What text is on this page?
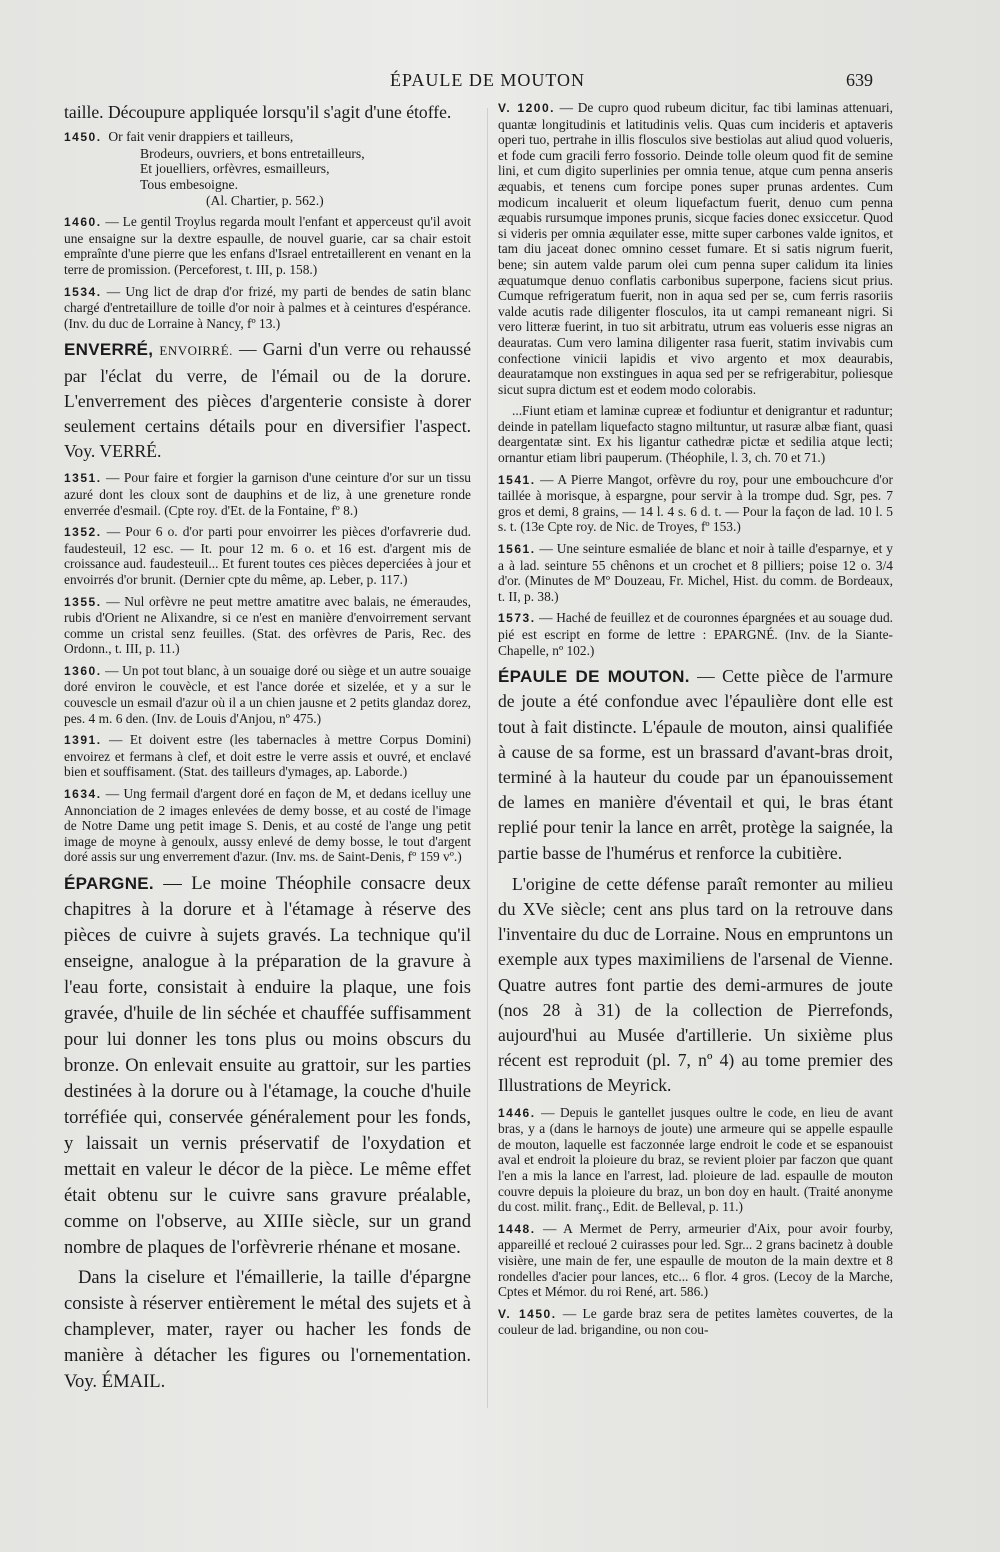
ÉPAULE DE MOUTON	639

taille. Découpure appliquée lorsqu'il s'agit d'une étoffe.

1450. Or fait venir drappiers et tailleurs,
Brodeurs, ouvriers, et bons entretailleurs,
Et jouelliers, orfèvres, esmailleurs,
Tous embesoigne.
(Al. Chartier, p. 562.)

1460. — Le gentil Troylus regarda moult l'enfant et apperceust qu'il avoit une ensaigne sur la dextre espaulle, de nouvel guarie, car sa chair estoit empraînte d'une pierre que les enfans d'Israel entretaillerent en venant en la terre de promission. (Perceforest, t. III, p. 158.)

1534. — Ung lict de drap d'or frizé, my parti de bendes de satin blanc chargé d'entretaillure de toille d'or noir à palmes et à ceintures d'espérance. (Inv. du duc de Lorraine à Nancy, fº 13.)

ENVERRÉ, ENVOIRRÉ. — Garni d'un verre ou rehaussé par l'éclat du verre, de l'émail ou de la dorure. L'enverrement des pièces d'argenterie consiste à dorer seulement certains détails pour en diversifier l'aspect. Voy. VERRÉ.

1351. — Pour faire et forgier la garnison d'une ceinture d'or sur un tissu azuré dont les cloux sont de dauphins et de liz, à une greneture ronde enverrée d'esmail. (Cpte roy. d'Et. de la Fontaine, fº 8.)

1352. — Pour 6 o. d'or parti pour envoirrer les pièces d'orfavrerie dud. faudesteuil, 12 esc. — It. pour 12 m. 6 o. et 16 est. d'argent mis de croissance aud. faudesteuil... Et furent toutes ces pièces deperciées à jour et envoirrés d'or brunit. (Dernier cpte du même, ap. Leber, p. 117.)

1355. — Nul orfèvre ne peut mettre amatitre avec balais, ne émeraudes, rubis d'Orient ne Alixandre, si ce n'est en manière d'envoirrement servant comme un cristal senz feuilles. (Stat. des orfèvres de Paris, Rec. des Ordonn., t. III, p. 11.)

1360. — Un pot tout blanc, à un souaige doré ou siège et un autre souaige doré environ le couvècle, et est l'ance dorée et sizelée, et y a sur le couvescle un esmail d'azur où il a un chien jausne et 2 petits glandaz dorez, pes. 4 m. 6 den. (Inv. de Louis d'Anjou, nº 475.)

1391. — Et doivent estre (les tabernacles à mettre Corpus Domini) envoirez et fermans à clef, et doit estre le verre assis et ouvré, et enclavé bien et souffisament. (Stat. des tailleurs d'ymages, ap. Laborde.)

1634. — Ung fermail d'argent doré en façon de M, et dedans icelluy une Annonciation de 2 images enlevées de demy bosse, et au costé de l'image de Notre Dame ung petit image S. Denis, et au costé de l'ange ung petit image de moyne à genoulx, aussy enlevé de demy bosse, le tout d'argent doré assis sur ung enverrement d'azur. (Inv. ms. de Saint-Denis, fº 159 vº.)

ÉPARGNE. — Le moine Théophile consacre deux chapitres à la dorure et à l'étamage à réserve des pièces de cuivre à sujets gravés. La technique qu'il enseigne, analogue à la préparation de la gravure à l'eau forte, consistait à enduire la plaque, une fois gravée, d'huile de lin séchée et chauffée suffisamment pour lui donner les tons plus ou moins obscurs du bronze. On enlevait ensuite au grattoir, sur les parties destinées à la dorure ou à l'étamage, la couche d'huile torréfiée qui, conservée généralement pour les fonds, y laissait un vernis préservatif de l'oxydation et mettait en valeur le décor de la pièce. Le même effet était obtenu sur le cuivre sans gravure préalable, comme on l'observe, au XIIIe siècle, sur un grand nombre de plaques de l'orfèvrerie rhénane et mosane.

Dans la ciselure et l'émaillerie, la taille d'épargne consiste à réserver entièrement le métal des sujets et à champlever, mater, rayer ou hacher les fonds de manière à détacher les figures ou l'ornementation. Voy. ÉMAIL.

V. 1200. — De cupro quod rubeum dicitur, fac tibi laminas attenuari, quantæ longitudinis et latitudinis velis. Quas cum incideris et aptaveris operi tuo, pertrahe in illis flosculos sive bestiolas aut aliud quod volueris, et fode cum gracili ferro fossorio. Deinde tolle oleum quod fit de semine lini, et cum digito superlinies per omnia tenue, atque cum penna anseris æquabis, et tenens cum forcipe pones super prunas ardentes. Cum modicum incaluerit et oleum liquefactum fuerit, denuo cum penna æquabis rursumque impones prunis, sicque facies donec exsiccetur. Quod si videris per omnia æquilater esse, mitte super carbones valde ignitos, et tam diu jaceat donec omnino cesset fumare. Et si satis nigrum fuerit, bene; sin autem valde parum olei cum penna super calidum ita linies æquatumque denuo conflatis carbonibus superpone, faciens sicut prius. Cumque refrigeratum fuerit, non in aqua sed per se, cum ferris rasoriis valde acutis rade diligenter flosculos, ita ut campi remaneant nigri. Si vero litteræ fuerint, in tuo sit arbitratu, utrum eas volueris esse nigras an deauratas. Cum vero lamina diligenter rasa fuerit, statim invivabis cum confectione vinicii lapidis et vivo argento et mox deaurabis, deauratamque non exstingues in aqua sed per se refrigerabitur, poliesque sicut supra dictum est et eodem modo colorabis.

...Fiunt etiam et laminæ cupreæ et fodiuntur et denigrantur et raduntur; deinde in patellam liquefacto stagno miltuntur, ut rasuræ albæ fiant, quasi deargentatæ sint. Ex his ligantur cathedræ pictæ et sedilia atque lecti; ornantur etiam libri pauperum. (Théophile, l. 3, ch. 70 et 71.)

1541. — A Pierre Mangot, orfèvre du roy, pour une embouchcure d'or taillée à morisque, à espargne, pour servir à la trompe dud. Sgr, pes. 7 gros et demi, 8 grains, — 14 l. 4 s. 6 d. t. — Pour la façon de lad. 10 l. 5 s. t. (13e Cpte roy. de Nic. de Troyes, fº 153.)

1561. — Une seinture esmaliée de blanc et noir à taille d'esparnye, et y a à lad. seinture 55 chênons et un crochet et 8 pilliers; poise 12 o. 3/4 d'or. (Minutes de Mº Douzeau, Fr. Michel, Hist. du comm. de Bordeaux, t. II, p. 38.)

1573. — Haché de feuillez et de couronnes épargnées et au souage dud. pié est escript en forme de lettre : EPARGNÉ. (Inv. de la Siante-Chapelle, nº 102.)

ÉPAULE DE MOUTON. — Cette pièce de l'armure de joute a été confondue avec l'épaulière dont elle est tout à fait distincte. L'épaule de mouton, ainsi qualifiée à cause de sa forme, est un brassard d'avant-bras droit, terminé à la hauteur du coude par un épanouissement de lames en manière d'éventail et qui, le bras étant replié pour tenir la lance en arrêt, protège la saignée, la partie basse de l'humérus et renforce la cubitière.

L'origine de cette défense paraît remonter au milieu du XVe siècle; cent ans plus tard on la retrouve dans l'inventaire du duc de Lorraine. Nous en empruntons un exemple aux types maximiliens de l'arsenal de Vienne. Quatre autres font partie des demi-armures de joute (nos 28 à 31) de la collection de Pierrefonds, aujourd'hui au Musée d'artillerie. Un sixième plus récent est reproduit (pl. 7, nº 4) au tome premier des Illustrations de Meyrick.

1446. — Depuis le gantellet jusques oultre le code, en lieu de avant bras, y a (dans le harnoys de joute) une armeure qui se appelle espaulle de mouton, laquelle est faczonnée large endroit le code et se espanouist aval et endroit la ploieure du braz, se revient ploier par faczon que quant l'en a mis la lance en l'arrest, lad. ploieure de lad. espaulle de mouton couvre depuis la ploieure du braz, un bon doy en hault. (Traité anonyme du cost. milit. franç., Edit. de Belleval, p. 11.)

1448. — A Mermet de Perry, armeurier d'Aix, pour avoir fourby, appareillé et recloué 2 cuirasses pour led. Sgr... 2 grans bacinetz à double visière, une main de fer, une espaulle de mouton de la main dextre et 8 rondelles d'acier pour lances, etc... 6 flor. 4 gros. (Lecoy de la Marche, Cptes et Mémor. du roi René, art. 586.)

V. 1450. — Le garde braz sera de petites lamètes couvertes, de la couleur de lad. brigandine, ou non cou-
